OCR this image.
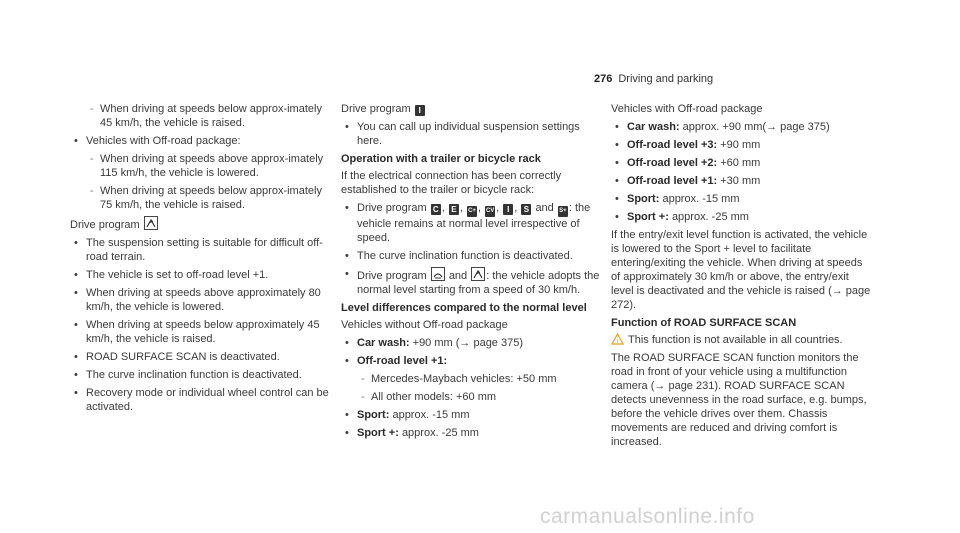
276 Driving and parking
- When driving at speeds below approx-imately 45 km/h, the vehicle is raised.
• Vehicles with Off-road package:
- When driving at speeds above approx-imately 115 km/h, the vehicle is lowered.
- When driving at speeds below approx-imately 75 km/h, the vehicle is raised.
Drive program
• The suspension setting is suitable for difficult off-road terrain.
• The vehicle is set to off-road level +1.
• When driving at speeds above approximately 80 km/h, the vehicle is lowered.
• When driving at speeds below approximately 45 km/h, the vehicle is raised.
• ROAD SURFACE SCAN is deactivated.
• The curve inclination function is deactivated.
• Recovery mode or individual wheel control can be activated.
Drive program I
• You can call up individual suspension settings here.
Operation with a trailer or bicycle rack
If the electrical connection has been correctly established to the trailer or bicycle rack:
• Drive program C , E , C+ , CV , I , S and S+ : the vehicle remains at normal level irrespective of speed.
• The curve inclination function is deactivated.
• Drive program and : the vehicle adopts the normal level starting from a speed of 30 km/h.
Level differences compared to the normal level
Vehicles without Off-road package
• Car wash: +90 mm (→ page 375)
• Off-road level +1:
- Mercedes-Maybach vehicles: +50 mm
- All other models: +60 mm
• Sport: approx. -15 mm
• Sport +: approx. -25 mm
Vehicles with Off-road package
• Car wash: approx. +90 mm(→ page 375)
• Off-road level +3: +90 mm
• Off-road level +2: +60 mm
• Off-road level +1: +30 mm
• Sport: approx. -15 mm
• Sport +: approx. -25 mm
If the entry/exit level function is activated, the vehicle is lowered to the Sport + level to facilitate entering/exiting the vehicle. When driving at speeds of approximately 30 km/h or above, the entry/exit level is deactivated and the vehicle is raised (→ page 272).
Function of ROAD SURFACE SCAN
i This function is not available in all countries.
The ROAD SURFACE SCAN function monitors the road in front of your vehicle using a multifunction camera (→ page 231). ROAD SURFACE SCAN detects unevenness in the road surface, e.g. bumps, before the vehicle drives over them. Chassis movements are reduced and driving comfort is increased.
carmanualsonline.info
